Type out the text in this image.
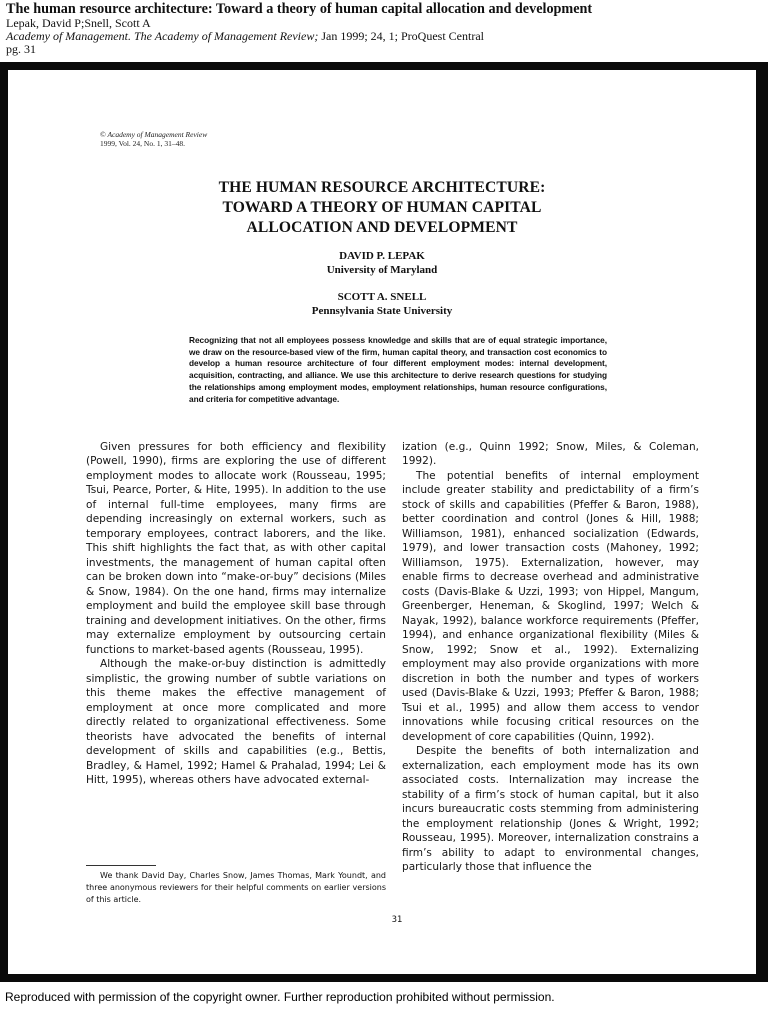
The human resource architecture: Toward a theory of human capital allocation and development
Lepak, David P;Snell, Scott A
Academy of Management. The Academy of Management Review; Jan 1999; 24, 1; ProQuest Central
pg. 31
© Academy of Management Review
1999, Vol. 24, No. 1, 31–48.
THE HUMAN RESOURCE ARCHITECTURE:
TOWARD A THEORY OF HUMAN CAPITAL
ALLOCATION AND DEVELOPMENT
DAVID P. LEPAK
University of Maryland
SCOTT A. SNELL
Pennsylvania State University
Recognizing that not all employees possess knowledge and skills that are of equal strategic importance, we draw on the resource-based view of the firm, human capital theory, and transaction cost economics to develop a human resource architecture of four different employment modes: internal development, acquisition, contracting, and alliance. We use this architecture to derive research questions for studying the relationships among employment modes, employment relationships, human resource configurations, and criteria for competitive advantage.

Given pressures for both efficiency and flexibility (Powell, 1990), firms are exploring the use of different employment modes to allocate work (Rousseau, 1995; Tsui, Pearce, Porter, & Hite, 1995). In addition to the use of internal full-time employees, many firms are depending increasingly on external workers, such as temporary employees, contract laborers, and the like. This shift highlights the fact that, as with other capital investments, the management of human capital often can be broken down into “make-or-buy” decisions (Miles & Snow, 1984). On the one hand, firms may internalize employment and build the employee skill base through training and development initiatives. On the other, firms may externalize employment by outsourcing certain functions to market-based agents (Rousseau, 1995).

Although the make-or-buy distinction is admittedly simplistic, the growing number of subtle variations on this theme makes the effective management of employment at once more complicated and more directly related to organizational effectiveness. Some theorists have advocated the benefits of internal development of skills and capabilities (e.g., Bettis, Bradley, & Hamel, 1992; Hamel & Prahalad, 1994; Lei & Hitt, 1995), whereas others have advocated external-

ization (e.g., Quinn 1992; Snow, Miles, & Coleman, 1992).

The potential benefits of internal employment include greater stability and predictability of a firm’s stock of skills and capabilities (Pfeffer & Baron, 1988), better coordination and control (Jones & Hill, 1988; Williamson, 1981), enhanced socialization (Edwards, 1979), and lower transaction costs (Mahoney, 1992; Williamson, 1975). Externalization, however, may enable firms to decrease overhead and administrative costs (Davis-Blake & Uzzi, 1993; von Hippel, Mangum, Greenberger, Heneman, & Skoglind, 1997; Welch & Nayak, 1992), balance workforce requirements (Pfeffer, 1994), and enhance organizational flexibility (Miles & Snow, 1992; Snow et al., 1992). Externalizing employment may also provide organizations with more discretion in both the number and types of workers used (Davis-Blake & Uzzi, 1993; Pfeffer & Baron, 1988; Tsui et al., 1995) and allow them access to vendor innovations while focusing critical resources on the development of core capabilities (Quinn, 1992).

Despite the benefits of both internalization and externalization, each employment mode has its own associated costs. Internalization may increase the stability of a firm’s stock of human capital, but it also incurs bureaucratic costs stemming from administering the employment relationship (Jones & Wright, 1992; Rousseau, 1995). Moreover, internalization constrains a firm’s ability to adapt to environmental changes, particularly those that influence the

We thank David Day, Charles Snow, James Thomas, Mark Youndt, and three anonymous reviewers for their helpful comments on earlier versions of this article.
31
Reproduced with permission of the copyright owner. Further reproduction prohibited without permission.
